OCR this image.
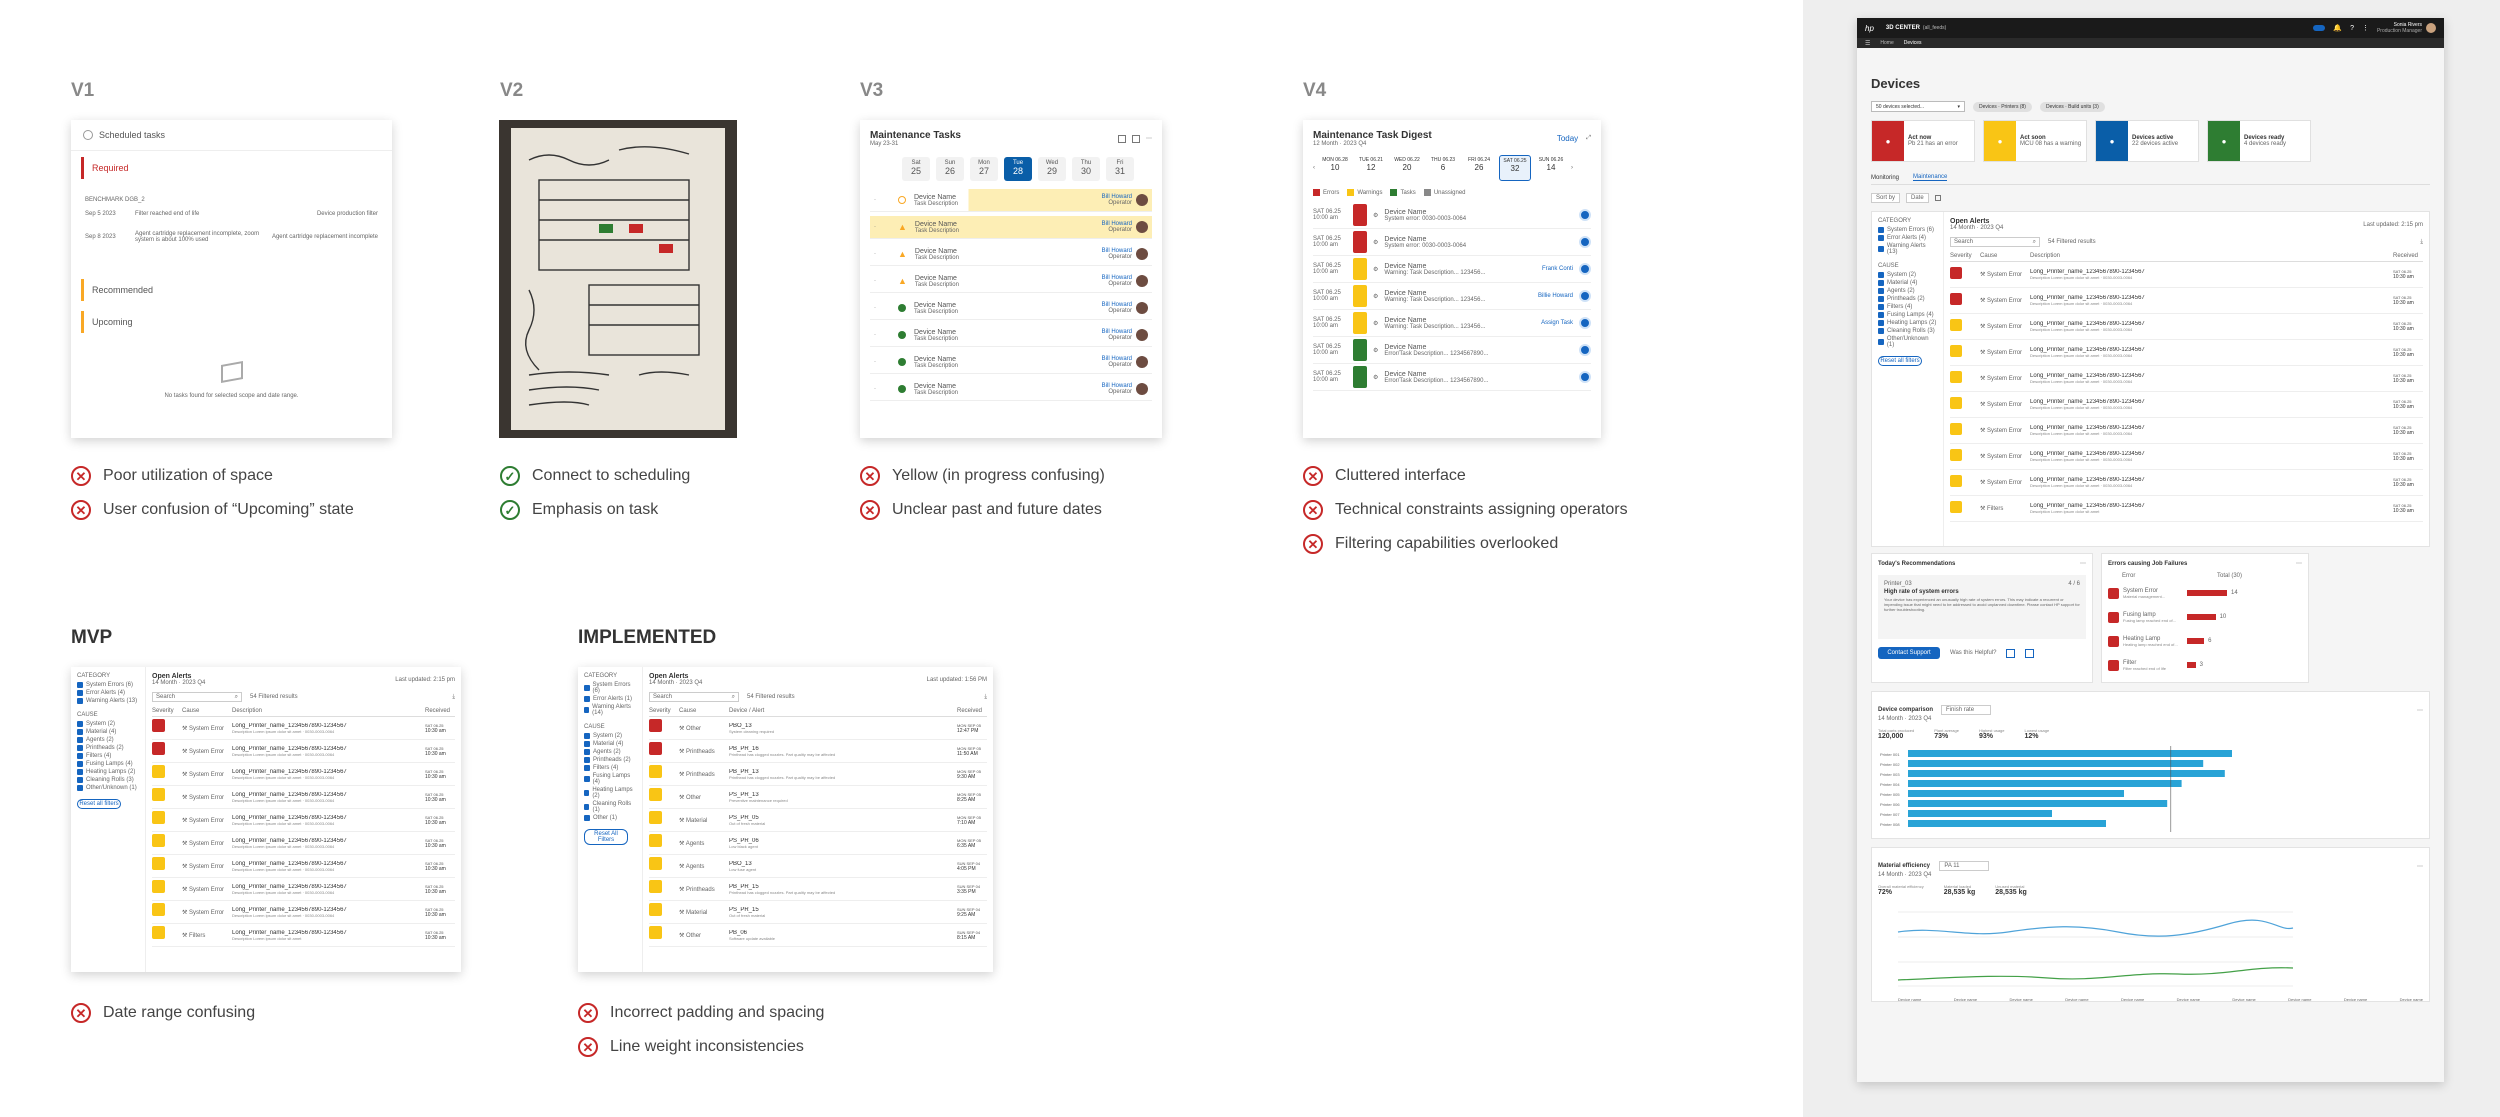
V1
Scheduled tasks
Required
BENCHMARK DGB_2
Sep 5 2023	Filter reached end of life	Device production filter
Sep 8 2023	Agent cartridge replacement incomplete, zoom system is about 100% used	Agent cartridge replacement incomplete
Recommended
Upcoming
No tasks found for selected scope and date range.
✕ Poor utilization of space
✕ User confusion of “Upcoming” state
V2
✓ Connect to scheduling
✓ Emphasis on task
V3
Maintenance Tasks
May 23-31
⋯
Sat
25
Sun
26
Mon
27
Tue
28
Wed
29
Thu
30
Fri
31
·	Device Name
Task Description
Bill Howard
Operator
·	▲ Device Name
Task Description
Bill Howard
Operator
·	▲ Device Name
Task Description
Bill Howard
Operator
·	▲ Device Name
Task Description
Bill Howard
Operator
·	Device Name
Task Description
Bill Howard
Operator
·	Device Name
Task Description
Bill Howard
Operator
·	Device Name
Task Description
Bill Howard
Operator
·	Device Name
Task Description
Bill Howard
Operator
✕ Yellow (in progress confusing)
✕ Unclear past and future dates
V4
Maintenance Task Digest
12 Month · 2023 Q4
Today ⤢
‹
MON 06.28
10
TUE 06.21
12
WED 06.22
20
THU 06.23
6
FRI 06.24
26
SAT 06.25
32
SUN 06.26
14	›
Errors	Warnings	Tasks	Unassigned
SAT 06.25
10:00 am	⚙ Device Name
System error: 0030-0003-0064
SAT 06.25
10:00 am	⚙ Device Name
System error: 0030-0003-0064
SAT 06.25
10:00 am	⚙ Device Name
Warning: Task Description... 123456...
Frank Conti
SAT 06.25
10:00 am	⚙ Device Name
Warning: Task Description... 123456...
Billie Howard
SAT 06.25
10:00 am	⚙ Device Name
Warning: Task Description... 123456...
Assign Task
SAT 06.25
10:00 am	⚙ Device Name
Error/Task Description... 1234567890...
SAT 06.25
10:00 am	⚙ Device Name
Error/Task Description... 1234567890...
✕ Cluttered interface
✕ Technical constraints assigning operators
✕ Filtering capabilities overlooked
MVP
CATEGORY
System Errors (6)
Error Alerts (4)
Warning Alerts (13)
CAUSE
System (2)
Material (4)
Agents (2)
Printheads (2)
Filters (4)
Fusing Lamps (4)
Heating Lamps (2)
Cleaning Rolls (3)
Other/Unknown (1)
Reset all filters
Open Alerts
14 Month · 2023 Q4
Last updated: 2:15 pm
Search	⌕ 54 Filtered results	⤓
Severity	Cause	Description	Received
⚒ System Error	Long_Printer_name_1234567890-1234567
Description Lorem ipsum dolor sit amet · 0030-0003-0064
SAT 06.25
10:30 am
⚒ System Error	Long_Printer_name_1234567890-1234567
Description Lorem ipsum dolor sit amet · 0030-0003-0064
SAT 06.25
10:30 am
⚒ System Error	Long_Printer_name_1234567890-1234567
Description Lorem ipsum dolor sit amet · 0030-0003-0064
SAT 06.25
10:30 am
⚒ System Error	Long_Printer_name_1234567890-1234567
Description Lorem ipsum dolor sit amet · 0030-0003-0064
SAT 06.25
10:30 am
⚒ System Error	Long_Printer_name_1234567890-1234567
Description Lorem ipsum dolor sit amet · 0030-0003-0064
SAT 06.25
10:30 am
⚒ System Error	Long_Printer_name_1234567890-1234567
Description Lorem ipsum dolor sit amet · 0030-0003-0064
SAT 06.25
10:30 am
⚒ System Error	Long_Printer_name_1234567890-1234567
Description Lorem ipsum dolor sit amet · 0030-0003-0064
SAT 06.25
10:30 am
⚒ System Error	Long_Printer_name_1234567890-1234567
Description Lorem ipsum dolor sit amet · 0030-0003-0064
SAT 06.25
10:30 am
⚒ System Error	Long_Printer_name_1234567890-1234567
Description Lorem ipsum dolor sit amet · 0030-0003-0064
SAT 06.25
10:30 am
⚒ Filters	Long_Printer_name_1234567890-1234567
Description Lorem ipsum dolor sit amet
SAT 06.25
10:30 am
✕ Date range confusing
IMPLEMENTED
CATEGORY
System Errors (6)
Error Alerts (1)
Warning Alerts (14)
CAUSE
System (2)
Material (4)
Agents (2)
Printheads (2)
Filters (4)
Fusing Lamps (4)
Heating Lamps (2)
Cleaning Rolls (1)
Other (1)
Reset All Filters
Open Alerts
14 Month · 2023 Q4
Last updated: 1:56 PM
Search	⌕ 54 Filtered results	⤓
Severity	Cause	Device / Alert	Received
⚒ Other	PBO_13
System cleaning required
MON SEP 05
12:47 PM
⚒ Printheads	PB_PR_16
Printhead has clogged nozzles. Part quality may be affected
MON SEP 05
11:50 AM
⚒ Printheads	PB_PR_13
Printhead has clogged nozzles. Part quality may be affected
MON SEP 05
9:30 AM
⚒ Other	PS_PR_13
Preventive maintenance required
MON SEP 05
8:25 AM
⚒ Material	PS_PR_05
Out of fresh material
MON SEP 05
7:10 AM
⚒ Agents	PS_PR_06
Low black agent
MON SEP 05
6:35 AM
⚒ Agents	PBO_13
Low fuse agent
SUN SEP 04
4:05 PM
⚒ Printheads	PB_PR_15
Printhead has clogged nozzles. Part quality may be affected
SUN SEP 04
3:35 PM
⚒ Material	PS_PR_15
Out of fresh material
SUN SEP 04
9:25 AM
⚒ Other	PB_06
Software update available
SUN SEP 04
8:15 AM
✕ Incorrect padding and spacing
✕ Line weight inconsistencies
hp 3D CENTER (all_feeds)	🔔 ? ⋮	Sonia Rivers
Production Manager
☰ Home Devices
Devices
50 devices selected...	▾	Devices · Printers (8)	Devices · Build units (3)
●	Act now
Pb 21 has an error	●	Act soon
MCU 08 has a warning	●	Devices active
22 devices active	●	Devices ready
4 devices ready
Monitoring Maintenance
Sort by	Date
CATEGORY
System Errors (6)
Error Alerts (4)
Warning Alerts (13)
CAUSE
System (2)
Material (4)
Agents (2)
Printheads (2)
Filters (4)
Fusing Lamps (4)
Heating Lamps (2)
Cleaning Rolls (3)
Other/Unknown (1)
Reset all filters
Open Alerts
14 Month · 2023 Q4
Last updated: 2:15 pm
Search	⌕ 54 Filtered results	⤓
Severity	Cause	Description	Received
⚒ System Error	Long_Printer_name_1234567890-1234567
Description Lorem ipsum dolor sit amet · 0030-0003-0064
SAT 06.25
10:30 am
⚒ System Error	Long_Printer_name_1234567890-1234567
Description Lorem ipsum dolor sit amet · 0030-0003-0064
SAT 06.25
10:30 am
⚒ System Error	Long_Printer_name_1234567890-1234567
Description Lorem ipsum dolor sit amet · 0030-0003-0064
SAT 06.25
10:30 am
⚒ System Error	Long_Printer_name_1234567890-1234567
Description Lorem ipsum dolor sit amet · 0030-0003-0064
SAT 06.25
10:30 am
⚒ System Error	Long_Printer_name_1234567890-1234567
Description Lorem ipsum dolor sit amet · 0030-0003-0064
SAT 06.25
10:30 am
⚒ System Error	Long_Printer_name_1234567890-1234567
Description Lorem ipsum dolor sit amet · 0030-0003-0064
SAT 06.25
10:30 am
⚒ System Error	Long_Printer_name_1234567890-1234567
Description Lorem ipsum dolor sit amet · 0030-0003-0064
SAT 06.25
10:30 am
⚒ System Error	Long_Printer_name_1234567890-1234567
Description Lorem ipsum dolor sit amet · 0030-0003-0064
SAT 06.25
10:30 am
⚒ System Error	Long_Printer_name_1234567890-1234567
Description Lorem ipsum dolor sit amet · 0030-0003-0064
SAT 06.25
10:30 am
⚒ Filters	Long_Printer_name_1234567890-1234567
Description Lorem ipsum dolor sit amet
SAT 06.25
10:30 am
Today's Recommendations	⋯
Printer_03	4 / 6
High rate of system errors
Your device has experienced an unusually high rate of system errors. This may indicate a recurrent or impending issue that might need to be addressed to avoid unplanned downtime. Please contact HP support for further troubleshooting.
Contact Support	Was this Helpful?
Errors causing Job Failures	⋯
Error	Total (30)
System Error
Material management...	14
Fusing lamp
Fusing lamp reached end of...	10
Heating Lamp
Heating lamp reached end of...	6
Filter
Filter reached end of life	3
Device comparison
14 Month · 2023 Q4
Finish rate	⋯
Total parts produced
120,000
Plant average
73%
Highest usage
93%
Lowest usage
12%
Printer 001
Printer 002
Printer 003
Printer 004
Printer 005
Printer 006
Printer 007
Printer 008
Material efficiency
14 Month · 2023 Q4
PA 11	⋯
Overall material efficiency
72%
Material loaded
28,535 kg
Unused material
28,535 kg
Device name	Device name	Device name	Device name	Device name	Device name	Device name	Device name	Device name	Device name
